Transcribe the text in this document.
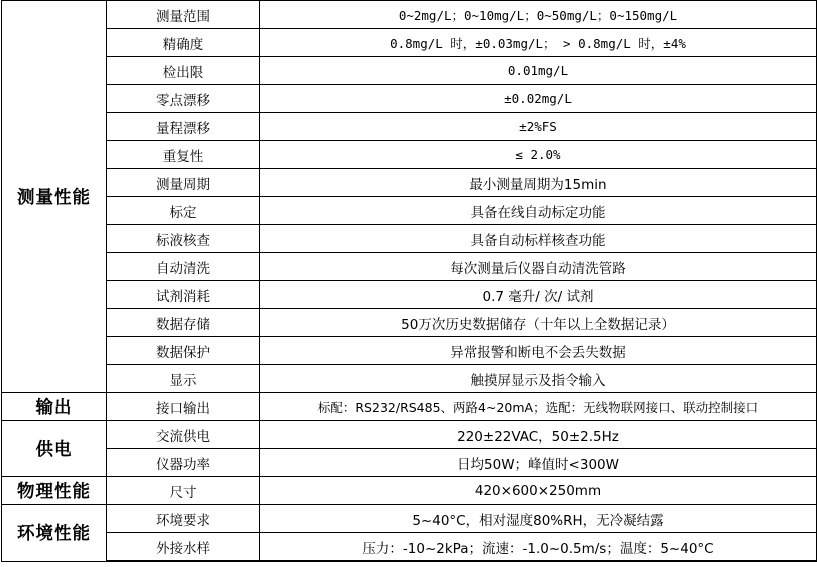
测量性能	测量范围	0~2mg/L；0~10mg/L；0~50mg/L；0~150mg/L
	精确度	0.8mg/L 时，±0.03mg/L； > 0.8mg/L 时，±4%
	检出限	0.01mg/L
	零点漂移	±0.02mg/L
	量程漂移	±2%FS
	重复性	≤ 2.0%
	测量周期	最小测量周期为15min
	标定	具备在线自动标定功能
	标液核查	具备自动标样核查功能
	自动清洗	每次测量后仪器自动清洗管路
	试剂消耗	0.7 毫升/ 次/ 试剂
	数据存储	50万次历史数据储存（十年以上全数据记录）
	数据保护	异常报警和断电不会丢失数据
	显示	触摸屏显示及指令输入
输出	接口输出	标配：RS232/RS485、两路4~20mA；选配：无线物联网接口、联动控制接口
供电	交流供电	220±22VAC，50±2.5Hz
	仪器功率	日均50W；峰值时<300W
物理性能	尺寸	420×600×250mm
环境性能	环境要求	5~40°C，相对湿度80%RH，无冷凝结露
	外接水样	压力：-10~2kPa；流速：-1.0~0.5m/s；温度：5~40°C
